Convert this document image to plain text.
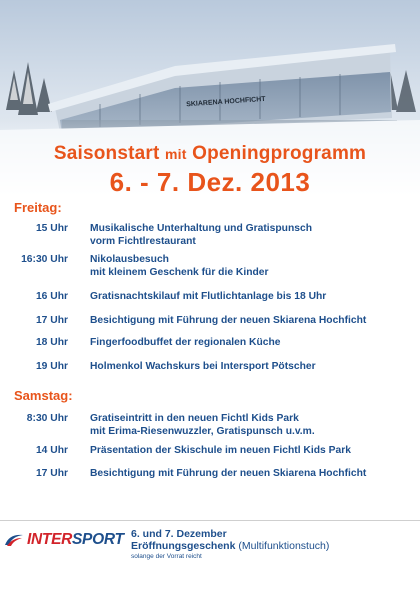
SKIARENA HOCHFICHT
Saisonstart mit Openingprogramm
6. - 7. Dez. 2013
Freitag:
15 Uhr Musikalische Unterhaltung und Gratispunsch
vorm Fichtlrestaurant
16:30 Uhr Nikolausbesuch
mit kleinem Geschenk für die Kinder
16 Uhr Gratisnachtskilauf mit Flutlichtanlage bis 18 Uhr
17 Uhr Besichtigung mit Führung der neuen Skiarena Hochficht
18 Uhr Fingerfoodbuffet der regionalen Küche
19 Uhr Holmenkol Wachskurs bei Intersport Pötscher
Samstag:
8:30 Uhr Gratiseintritt in den neuen Fichtl Kids Park
mit Erima-Riesenwuzzler, Gratispunsch u.v.m.
14 Uhr Präsentation der Skischule im neuen Fichtl Kids Park
17 Uhr Besichtigung mit Führung der neuen Skiarena Hochficht
INTERSPORT 6. und 7. Dezember
Eröffnungsgeschenk (Multifunktionstuch)
solange der Vorrat reicht
